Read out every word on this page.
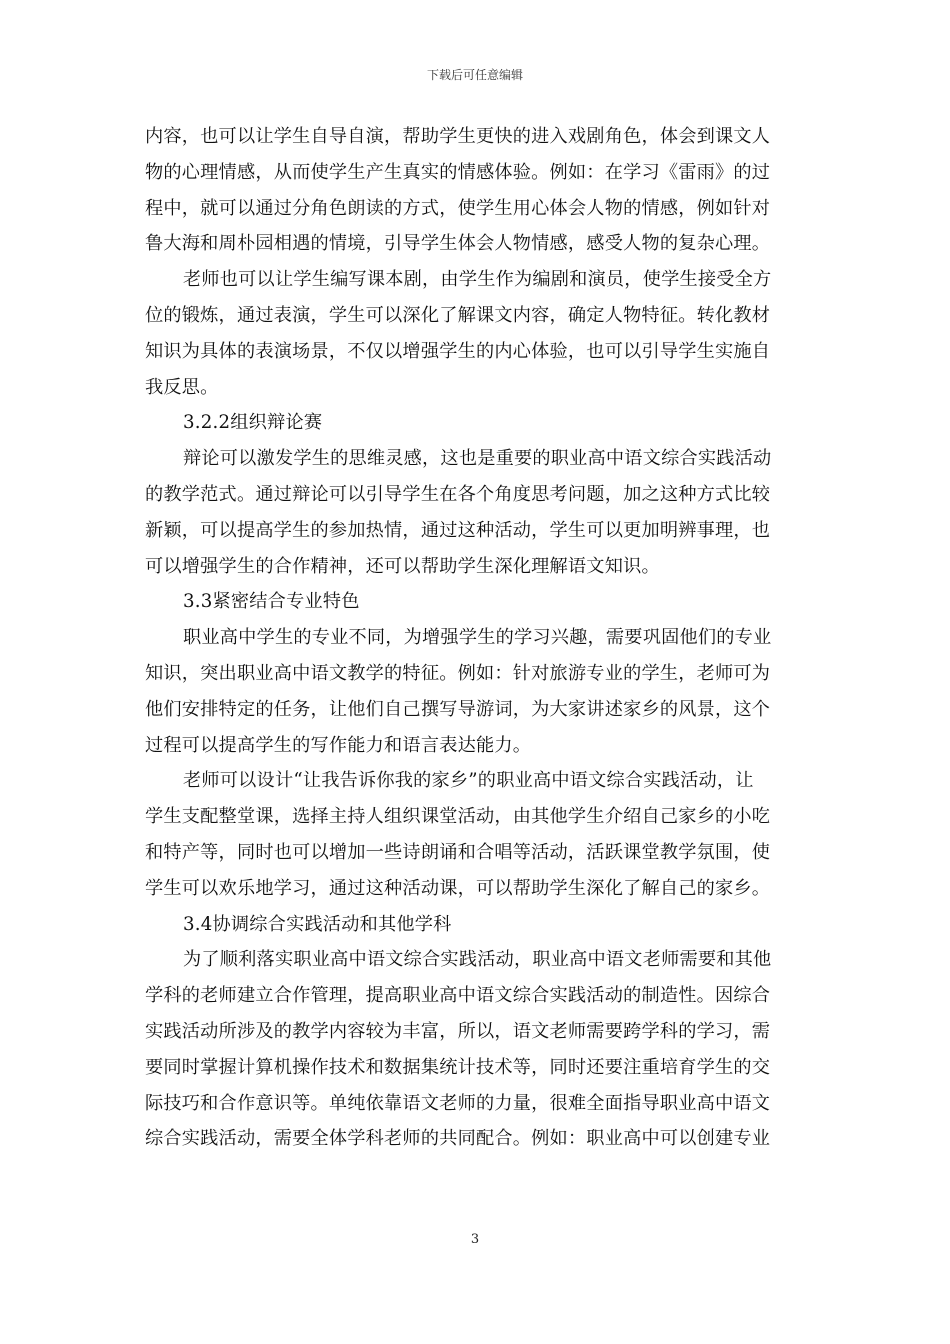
下载后可任意编辑
内容，也可以让学生自导自演，帮助学生更快的进入戏剧角色，体会到课文人
物的心理情感，从而使学生产生真实的情感体验。例如：在学习《雷雨》的过
程中，就可以通过分角色朗读的方式，使学生用心体会人物的情感，例如针对
鲁大海和周朴园相遇的情境，引导学生体会人物情感，感受人物的复杂心理。
老师也可以让学生编写课本剧，由学生作为编剧和演员，使学生接受全方
位的锻炼，通过表演，学生可以深化了解课文内容，确定人物特征。转化教材
知识为具体的表演场景，不仅以增强学生的内心体验，也可以引导学生实施自
我反思。
3.2.2组织辩论赛
辩论可以激发学生的思维灵感，这也是重要的职业高中语文综合实践活动
的教学范式。通过辩论可以引导学生在各个角度思考问题，加之这种方式比较
新颖，可以提高学生的参加热情，通过这种活动，学生可以更加明辨事理，也
可以增强学生的合作精神，还可以帮助学生深化理解语文知识。
3.3紧密结合专业特色
职业高中学生的专业不同，为增强学生的学习兴趣，需要巩固他们的专业
知识，突出职业高中语文教学的特征。例如：针对旅游专业的学生，老师可为
他们安排特定的任务，让他们自己撰写导游词，为大家讲述家乡的风景，这个
过程可以提高学生的写作能力和语言表达能力。
老师可以设计“让我告诉你我的家乡”的职业高中语文综合实践活动，让
学生支配整堂课，选择主持人组织课堂活动，由其他学生介绍自己家乡的小吃
和特产等，同时也可以增加一些诗朗诵和合唱等活动，活跃课堂教学氛围，使
学生可以欢乐地学习，通过这种活动课，可以帮助学生深化了解自己的家乡。
3.4协调综合实践活动和其他学科
为了顺利落实职业高中语文综合实践活动，职业高中语文老师需要和其他
学科的老师建立合作管理，提高职业高中语文综合实践活动的制造性。因综合
实践活动所涉及的教学内容较为丰富，所以，语文老师需要跨学科的学习，需
要同时掌握计算机操作技术和数据集统计技术等，同时还要注重培育学生的交
际技巧和合作意识等。单纯依靠语文老师的力量，很难全面指导职业高中语文
综合实践活动，需要全体学科老师的共同配合。例如：职业高中可以创建专业
3
